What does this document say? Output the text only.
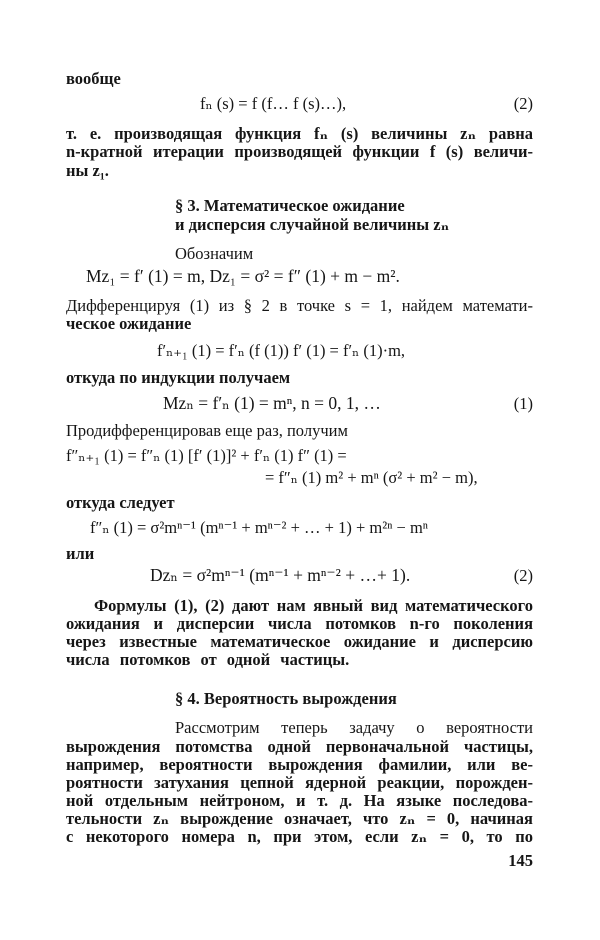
вообще
fₙ (s) = f (f… f (s)…),	(2)
т. е. производящая функция fₙ (s) величины zₙ равна
n-кратной итерации производящей функции f (s) величи-
ны z₁.
§ 3. Математическое ожидание
и дисперсия случайной величины zₙ
Обозначим
Mz₁ = f′ (1) = m, Dz₁ = σ² = f″ (1) + m − m².
Дифференцируя (1) из § 2 в точке s = 1, найдем математи-
ческое ожидание
f′ₙ₊₁ (1) = f′ₙ (f (1)) f′ (1) = f′ₙ (1)·m,
откуда по индукции получаем
Mzₙ = f′ₙ (1) = mⁿ, n = 0, 1, …	(1)
Продифференцировав еще раз, получим
f″ₙ₊₁ (1) = f″ₙ (1) [f′ (1)]² + f′ₙ (1) f″ (1) =
= f″ₙ (1) m² + mⁿ (σ² + m² − m),
откуда следует
f″ₙ (1) = σ²mⁿ⁻¹ (mⁿ⁻¹ + mⁿ⁻² + … + 1) + m²ⁿ − mⁿ
или
Dzₙ = σ²mⁿ⁻¹ (mⁿ⁻¹ + mⁿ⁻² + …+ 1).	(2)
Формулы (1), (2) дают нам явный вид математического
ожидания и дисперсии числа потомков n-го поколения
через известные математическое ожидание и дисперсию
числа потомков от одной частицы.
§ 4. Вероятность вырождения
Рассмотрим теперь задачу о вероятности
вырождения потомства одной первоначальной частицы,
например, вероятности вырождения фамилии, или ве-
роятности затухания цепной ядерной реакции, порожден-
ной отдельным нейтроном, и т. д. На языке последова-
тельности zₙ вырождение означает, что zₙ = 0, начиная
с некоторого номера n, при этом, если zₙ = 0, то по
145
